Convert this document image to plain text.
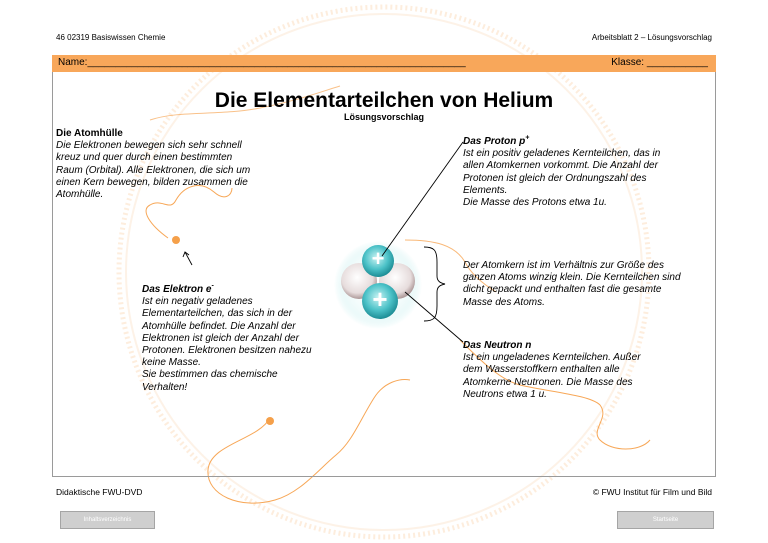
+
+
46 02319 Basiswissen Chemie	Arbeitsblatt 2 – Lösungsvorschlag
Name:____________________________________________________________________	Klasse: ___________
Die Elementarteilchen von Helium
Lösungsvorschlag
Die Atomhülle
Die Elektronen bewegen sich sehr schnell
kreuz und quer durch einen bestimmten
Raum (Orbital). Alle Elektronen, die sich um
einen Kern bewegen, bilden zusammen die
Atomhülle.
Das Elektron e-
Ist ein negativ geladenes
Elementarteilchen, das sich in der
Atomhülle befindet. Die Anzahl der
Elektronen ist gleich der Anzahl der
Protonen. Elektronen besitzen nahezu
keine Masse.
Sie bestimmen das chemische
Verhalten!
Das Proton p+
Ist ein positiv geladenes Kernteilchen, das in
allen Atomkernen vorkommt. Die Anzahl der
Protonen ist gleich der Ordnungszahl des
Elements.
Die Masse des Protons etwa 1u.
Der Atomkern ist im Verhältnis zur Größe des
ganzen Atoms winzig klein. Die Kernteilchen sind
dicht gepackt und enthalten fast die gesamte
Masse des Atoms.
Das Neutron n
Ist ein ungeladenes Kernteilchen. Außer
dem Wasserstoffkern enthalten alle
Atomkerne Neutronen. Die Masse des
Neutrons etwa 1 u.
Didaktische FWU-DVD	© FWU Institut für Film und Bild
Inhaltsverzeichnis	Startseite
